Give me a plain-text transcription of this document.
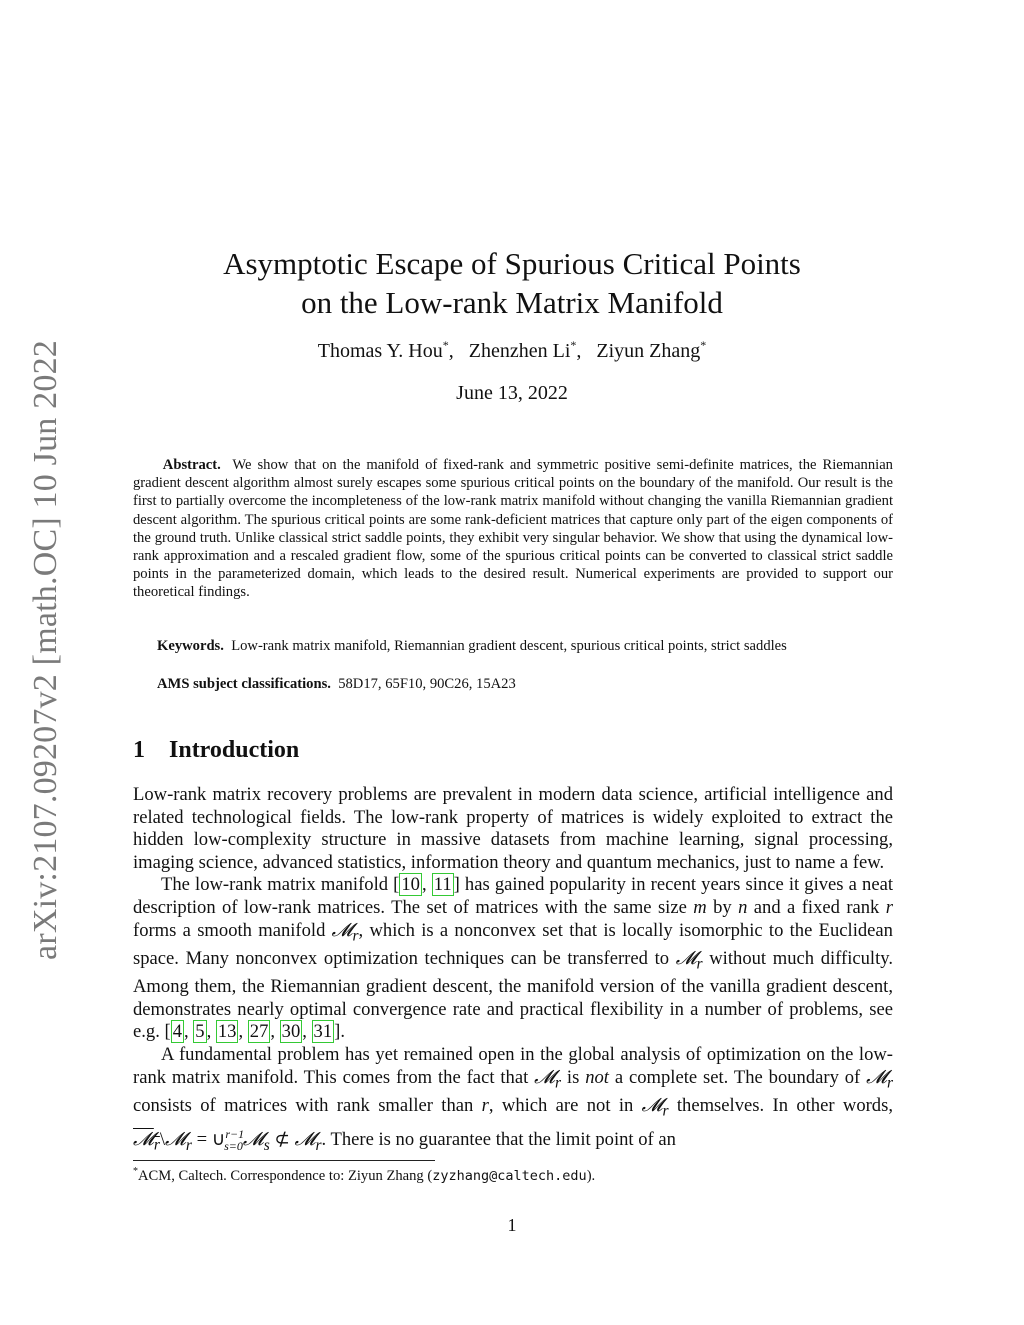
arXiv:2107.09207v2 [math.OC] 10 Jun 2022
Asymptotic Escape of Spurious Critical Points
on the Low-rank Matrix Manifold
Thomas Y. Hou*, Zhenzhen Li*, Ziyun Zhang*
June 13, 2022
Abstract. We show that on the manifold of fixed-rank and symmetric positive semi-definite matrices, the Riemannian gradient descent algorithm almost surely escapes some spurious critical points on the boundary of the manifold. Our result is the first to partially overcome the incompleteness of the low-rank matrix manifold without changing the vanilla Riemannian gradient descent algorithm. The spurious critical points are some rank-deficient matrices that capture only part of the eigen components of the ground truth. Unlike classical strict saddle points, they exhibit very singular behavior. We show that using the dynamical low-rank approximation and a rescaled gradient flow, some of the spurious critical points can be converted to classical strict saddle points in the parameterized domain, which leads to the desired result. Numerical experiments are provided to support our theoretical findings.
Keywords. Low-rank matrix manifold, Riemannian gradient descent, spurious critical points, strict saddles
AMS subject classifications. 58D17, 65F10, 90C26, 15A23
1 Introduction

Low-rank matrix recovery problems are prevalent in modern data science, artificial intelligence and related technological fields. The low-rank property of matrices is widely exploited to extract the hidden low-complexity structure in massive datasets from machine learning, signal processing, imaging science, advanced statistics, information theory and quantum mechanics, just to name a few.

The low-rank matrix manifold [ 10 , 11 ] has gained popularity in recent years since it gives a neat description of low-rank matrices. The set of matrices with the same size m by n and a fixed rank r forms a smooth manifold 𝓜$_r$, which is a nonconvex set that is locally isomorphic to the Euclidean space. Many nonconvex optimization techniques can be transferred to 𝓜$_r$ without much difficulty. Among them, the Riemannian gradient descent, the manifold version of the vanilla gradient descent, demonstrates nearly optimal convergence rate and practical flexibility in a number of problems, see e.g. [ 4 , 5 , 13 , 27 , 30 , 31 ].

A fundamental problem has yet remained open in the global analysis of optimization on the low-rank matrix manifold. This comes from the fact that 𝓜$_r$ is not a complete set. The boundary of 𝓜$_r$ consists of matrices with rank smaller than r, which are not in 𝓜$_r$ themselves. In other words, 𝓜$_r$\𝓜$_r$ = ∪$^{r-1}_{s=0}$𝓜$_s$ ⊄ 𝓜$_r$. There is no guarantee that the limit point of an

*ACM, Caltech. Correspondence to: Ziyun Zhang (zyzhang@caltech.edu).
1
